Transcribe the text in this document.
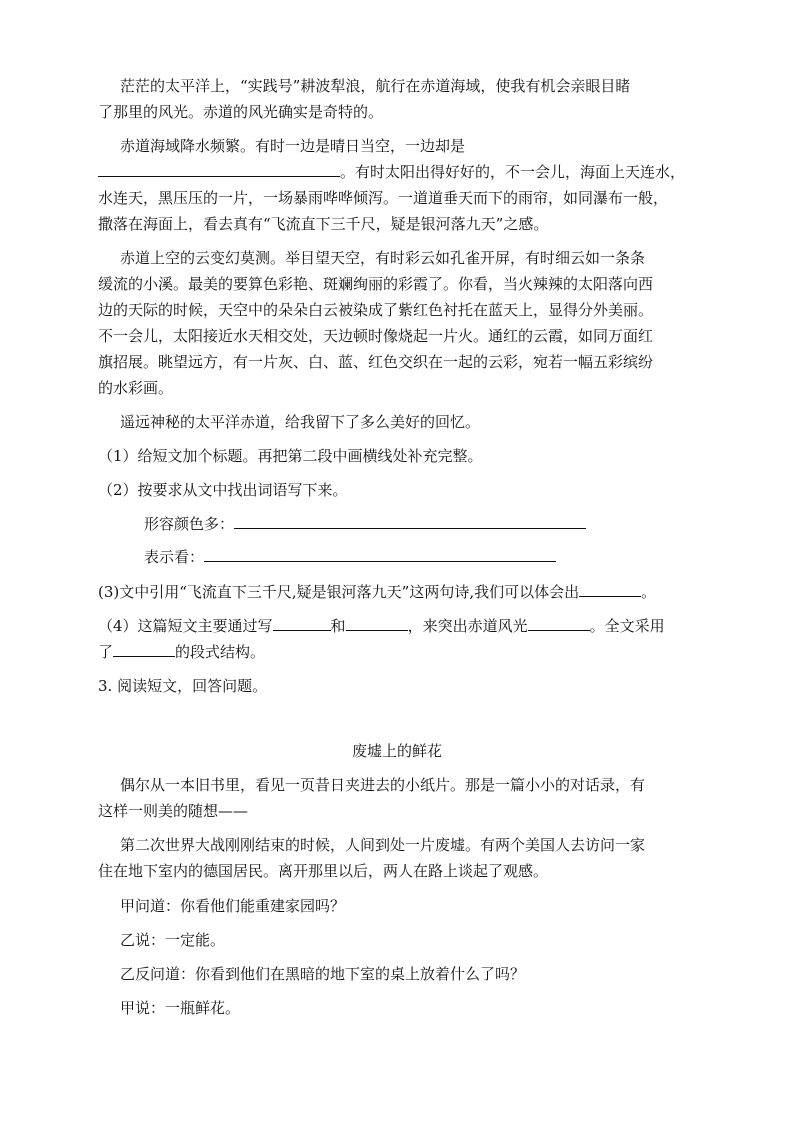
茫茫的太平洋上，“实践号”耕波犁浪，航行在赤道海域，使我有机会亲眼目睹
了那里的风光。赤道的风光确实是奇特的。
赤道海域降水频繁。有时一边是晴日当空，一边却是
。有时太阳出得好好的，不一会儿，海面上天连水，
水连天，黑压压的一片，一场暴雨哗哗倾泻。一道道垂天而下的雨帘，如同瀑布一般，
撒落在海面上，看去真有“飞流直下三千尺，疑是银河落九天”之感。
赤道上空的云变幻莫测。举目望天空，有时彩云如孔雀开屏，有时细云如一条条
缓流的小溪。最美的要算色彩艳、斑斓绚丽的彩霞了。你看，当火辣辣的太阳落向西
边的天际的时候，天空中的朵朵白云被染成了紫红色衬托在蓝天上，显得分外美丽。
不一会儿，太阳接近水天相交处，天边顿时像烧起一片火。通红的云霞，如同万面红
旗招展。眺望远方，有一片灰、白、蓝、红色交织在一起的云彩，宛若一幅五彩缤纷
的水彩画。
遥远神秘的太平洋赤道，给我留下了多么美好的回忆。
（1）给短文加个标题。再把第二段中画横线处补充完整。
（2）按要求从文中找出词语写下来。
形容颜色多：
表示看：
(3)文中引用“飞流直下三千尺,疑是银河落九天”这两句诗,我们可以体会出	。
（4）这篇短文主要通过写	和	，来突出赤道风光	。全文采用
了	的段式结构。
3. 阅读短文，回答问题。
废墟上的鲜花
偶尔从一本旧书里，看见一页昔日夹进去的小纸片。那是一篇小小的对话录，有
这样一则美的随想——
第二次世界大战刚刚结束的时候，人间到处一片废墟。有两个美国人去访问一家
住在地下室内的德国居民。离开那里以后，两人在路上谈起了观感。
甲问道：你看他们能重建家园吗？
乙说：一定能。
乙反问道：你看到他们在黑暗的地下室的桌上放着什么了吗？
甲说：一瓶鲜花。
